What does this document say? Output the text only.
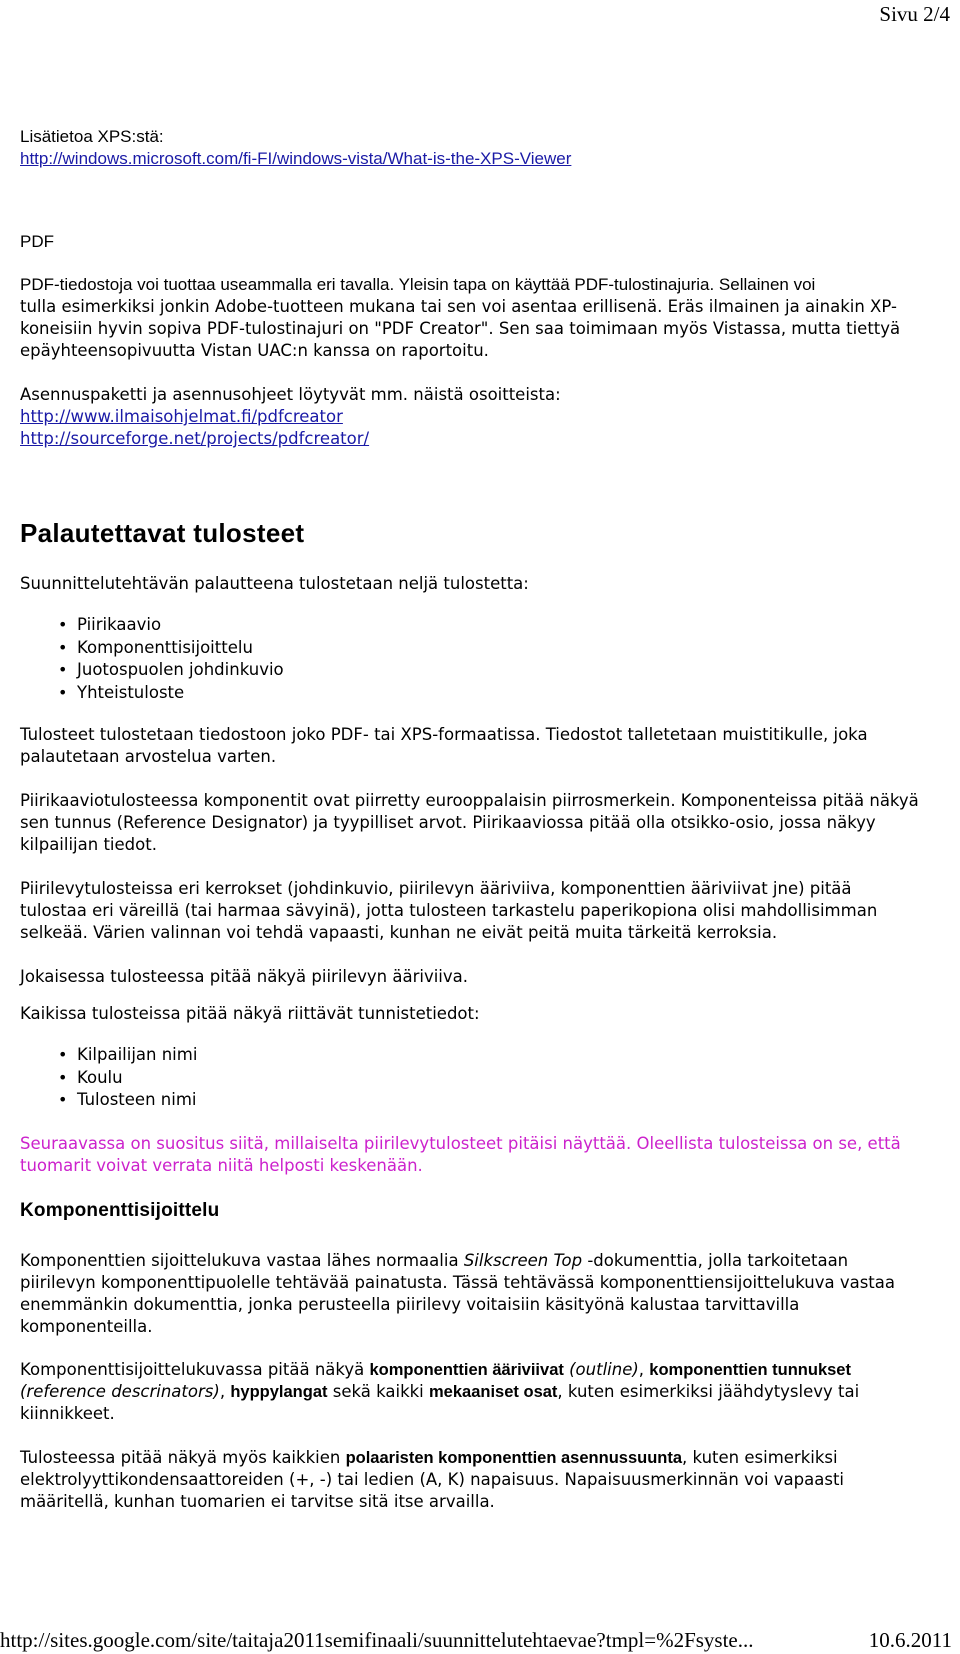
Sivu 2/4
Lisätietoa XPS:stä:
http://windows.microsoft.com/fi-FI/windows-vista/What-is-the-XPS-Viewer
PDF
PDF-tiedostoja voi tuottaa useammalla eri tavalla. Yleisin tapa on käyttää PDF-tulostinajuria. Sellainen voi
tulla esimerkiksi jonkin Adobe-tuotteen mukana tai sen voi asentaa erillisenä. Eräs ilmainen ja ainakin XP-
koneisiin hyvin sopiva PDF-tulostinajuri on "PDF Creator". Sen saa toimimaan myös Vistassa, mutta tiettyä
epäyhteensopivuutta Vistan UAC:n kanssa on raportoitu.
Asennuspaketti ja asennusohjeet löytyvät mm. näistä osoitteista:
http://www.ilmaisohjelmat.fi/pdfcreator
http://sourceforge.net/projects/pdfcreator/
Palautettavat tulosteet
Suunnittelutehtävän palautteena tulostetaan neljä tulostetta:
• Piirikaavio
• Komponenttisijoittelu
• Juotospuolen johdinkuvio
• Yhteistuloste
Tulosteet tulostetaan tiedostoon joko PDF- tai XPS-formaatissa. Tiedostot talletetaan muistitikulle, joka
palautetaan arvostelua varten.
Piirikaaviotulosteessa komponentit ovat piirretty eurooppalaisin piirrosmerkein. Komponenteissa pitää näkyä
sen tunnus (Reference Designator) ja tyypilliset arvot. Piirikaaviossa pitää olla otsikko-osio, jossa näkyy
kilpailijan tiedot.
Piirilevytulosteissa eri kerrokset (johdinkuvio, piirilevyn ääriviiva, komponenttien ääriviivat jne) pitää
tulostaa eri väreillä (tai harmaa sävyinä), jotta tulosteen tarkastelu paperikopiona olisi mahdollisimman
selkeää. Värien valinnan voi tehdä vapaasti, kunhan ne eivät peitä muita tärkeitä kerroksia.
Jokaisessa tulosteessa pitää näkyä piirilevyn ääriviiva.
Kaikissa tulosteissa pitää näkyä riittävät tunnistetiedot:
• Kilpailijan nimi
• Koulu
• Tulosteen nimi
Seuraavassa on suositus siitä, millaiselta piirilevytulosteet pitäisi näyttää. Oleellista tulosteissa on se, että
tuomarit voivat verrata niitä helposti keskenään.
Komponenttisijoittelu
Komponenttien sijoittelukuva vastaa lähes normaalia Silkscreen Top -dokumenttia, jolla tarkoitetaan
piirilevyn komponenttipuolelle tehtävää painatusta. Tässä tehtävässä komponenttiensijoittelukuva vastaa
enemmänkin dokumenttia, jonka perusteella piirilevy voitaisiin käsityönä kalustaa tarvittavilla
komponenteilla.
Komponenttisijoittelukuvassa pitää näkyä komponenttien ääriviivat (outline), komponenttien tunnukset
(reference descrinators), hyppylangat sekä kaikki mekaaniset osat, kuten esimerkiksi jäähdytyslevy tai
kiinnikkeet.
Tulosteessa pitää näkyä myös kaikkien polaaristen komponenttien asennussuunta, kuten esimerkiksi
elektrolyyttikondensaattoreiden (+, -) tai ledien (A, K) napaisuus. Napaisuusmerkinnän voi vapaasti
määritellä, kunhan tuomarien ei tarvitse sitä itse arvailla.
http://sites.google.com/site/taitaja2011semifinaali/suunnittelutehtaevae?tmpl=%2Fsyste...	10.6.2011
